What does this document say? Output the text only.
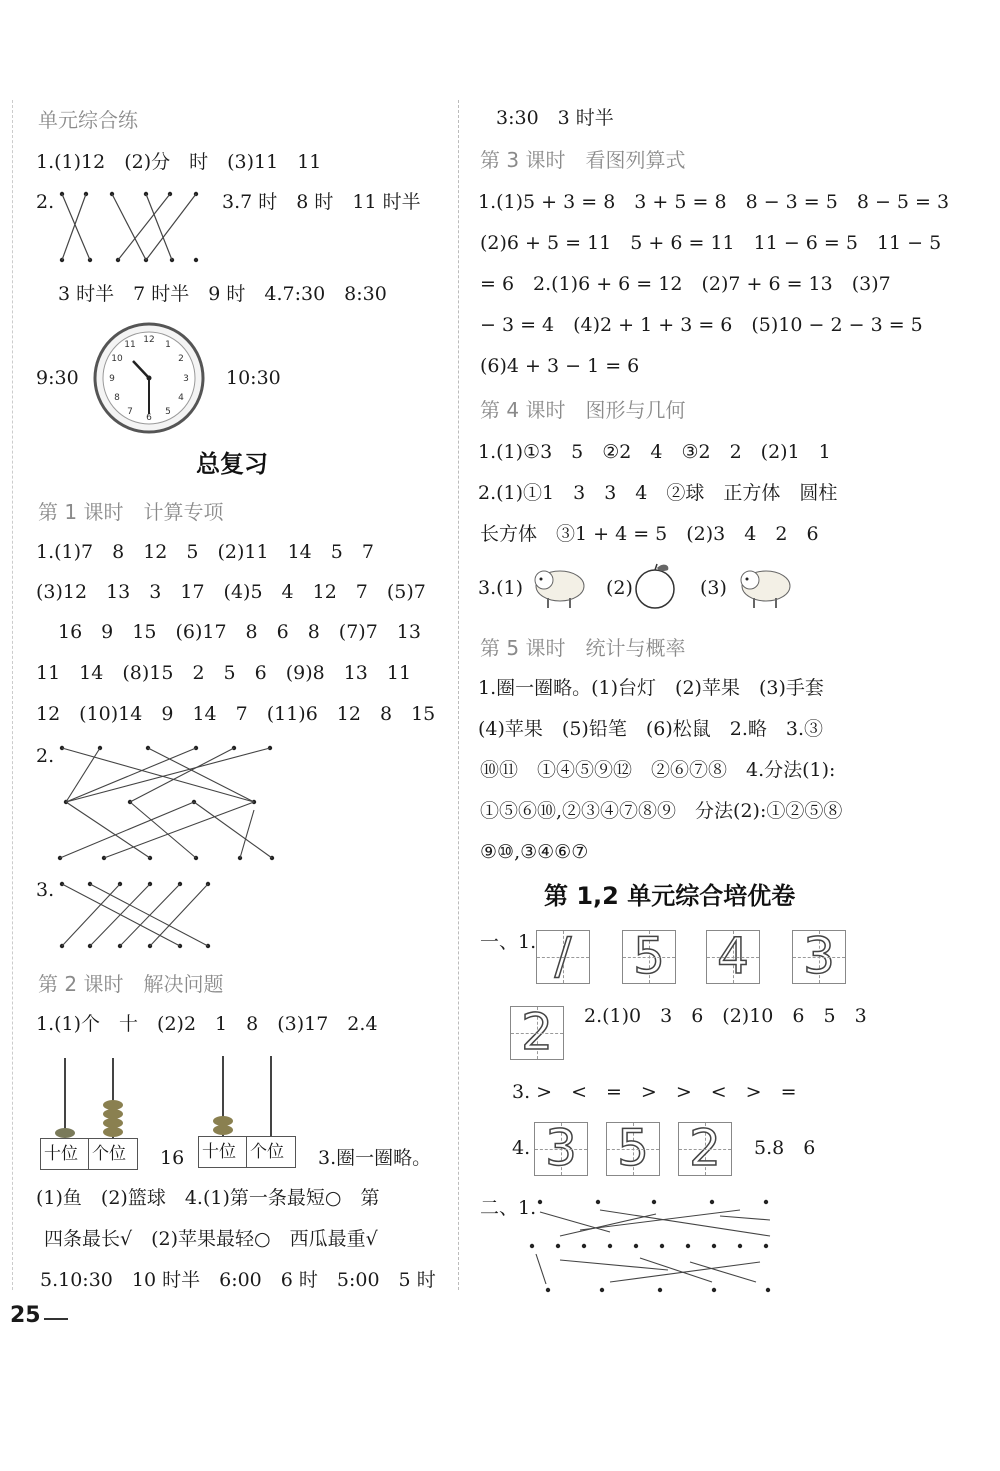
单元综合练
1.(1)12　(2)分　时　(3)11　11
2.	3.7 时　8 时　11 时半
3 时半　7 时半　9 时　4.7:30　8:30
9:30
12 1
2
3
4
5
6
7
8
9
10
11
10:30
总复习
第 1 课时　计算专项
1.(1)7　8　12　5　(2)11　14　5　7
(3)12　13　3　17　(4)5　4　12　7　(5)7
16　9　15　(6)17　8　6　8　(7)7　13
11　14　(8)15　2　5　6　(9)8　13　11
12　(10)14　9　14　7　(11)6　12　8　15
2.
3.
第 2 课时　解决问题
1.(1)个　十　(2)2　1　8　(3)17　2.4
十位 个位 16 十位 个位 3.圈一圈略。
(1)鱼　(2)篮球　4.(1)第一条最短○　第
四条最长√　(2)苹果最轻○　西瓜最重√
5.10:30　10 时半　6:00　6 时　5:00　5 时
25
3:30　3 时半
第 3 课时　看图列算式
1.(1)5 + 3 = 8　3 + 5 = 8　8 − 3 = 5　8 − 5 = 3
(2)6 + 5 = 11　5 + 6 = 11　11 − 6 = 5　11 − 5
= 6　2.(1)6 + 6 = 12　(2)7 + 6 = 13　(3)7
− 3 = 4　(4)2 + 1 + 3 = 6　(5)10 − 2 − 3 = 5
(6)4 + 3 − 1 = 6
第 4 课时　图形与几何
1.(1)①3　5　②2　4　③2　2　(2)1　1
2.(1)①1　3　3　4　②球　正方体　圆柱
长方体　③1 + 4 = 5　(2)3　4　2　6
3.(1)	(2)	(3)
第 5 课时　统计与概率
1.圈一圈略。(1)台灯　(2)苹果　(3)手套
(4)苹果　(5)铅笔　(6)松鼠　2.略　3.③
⑩⑪　①④⑤⑨⑫　②⑥⑦⑧　4.分法(1):
①⑤⑥⑩,②③④⑦⑧⑨　分法(2):①②⑤⑧
⑨⑩,③④⑥⑦
第 1,2 单元综合培优卷
一、1. /	5 4 3
2	2.(1)0　3　6　(2)10　6　5　3
3. >　<　=　>　>　<　>　=
4. 3 5 2	5.8　6
二、1.
